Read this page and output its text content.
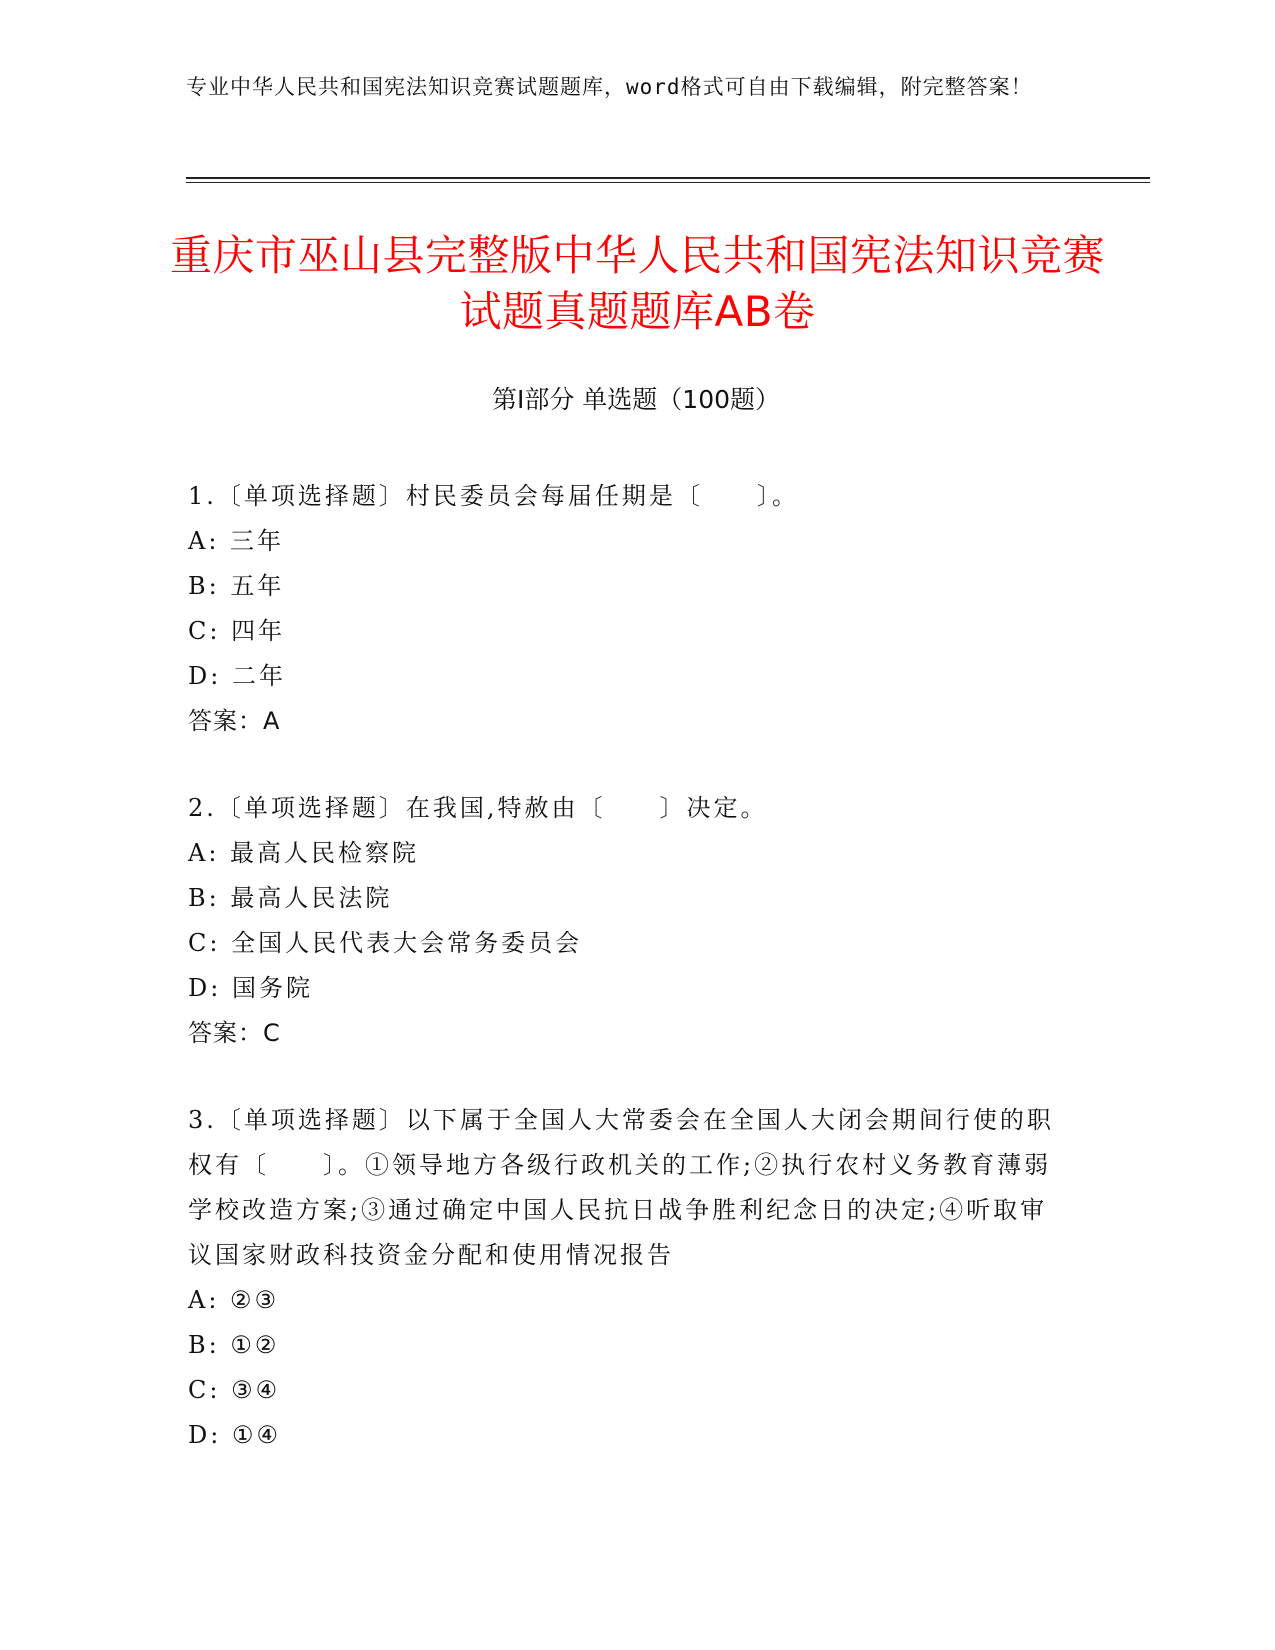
专业中华人民共和国宪法知识竞赛试题题库，word格式可自由下载编辑，附完整答案！
重庆市巫山县完整版中华人民共和国宪法知识竞赛试题真题题库AB卷
第Ⅰ部分 单选题（100题）
1.〔单项选择题〕村民委员会每届任期是〔　　〕。
A: 三年
B: 五年
C: 四年
D: 二年
答案：A
2.〔单项选择题〕在我国,特赦由〔　　〕决定。
A: 最高人民检察院
B: 最高人民法院
C: 全国人民代表大会常务委员会
D: 国务院
答案：C
3.〔单项选择题〕以下属于全国人大常委会在全国人大闭会期间行使的职权有〔　　〕。①领导地方各级行政机关的工作;②执行农村义务教育薄弱学校改造方案;③通过确定中国人民抗日战争胜利纪念日的决定;④听取审议国家财政科技资金分配和使用情况报告
A: ②③
B: ①②
C: ③④
D: ①④
